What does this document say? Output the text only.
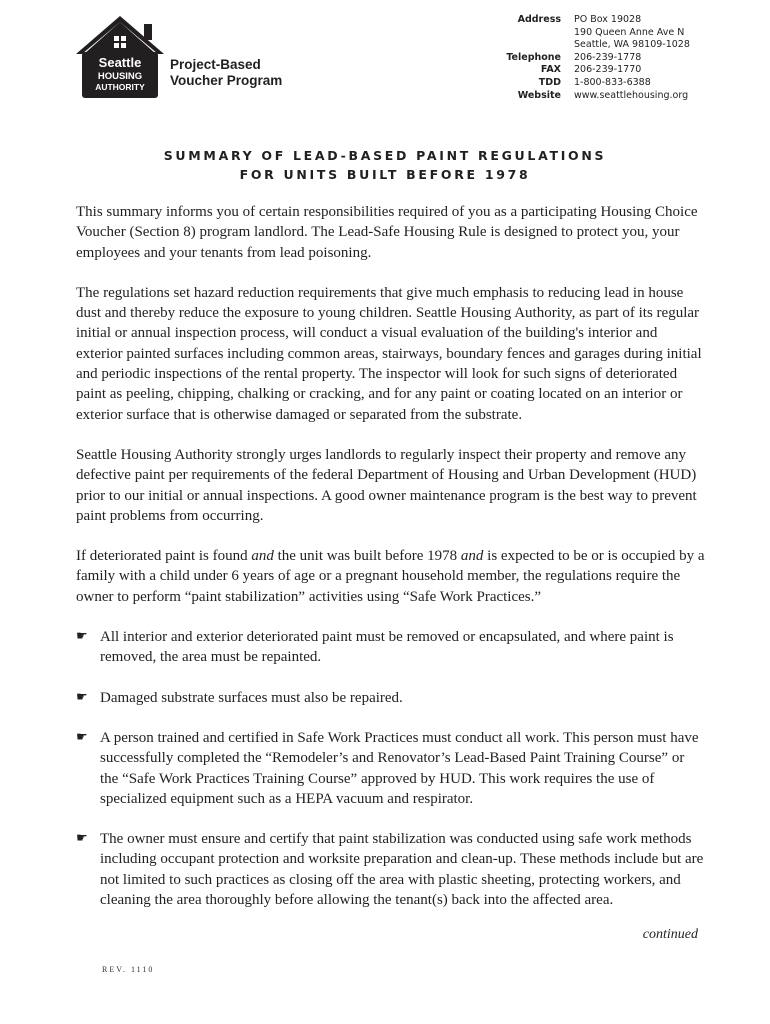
Seattle
HOUSING
AUTHORITY
Project-Based
Voucher Program
Address	PO Box 19028
190 Queen Anne Ave N
Seattle, WA 98109-1028
Telephone	206-239-1778
FAX	206-239-1770
TDD	1-800-833-6388
Website	www.seattlehousing.org
SUMMARY OF LEAD-BASED PAINT REGULATIONS
FOR UNITS BUILT BEFORE 1978

This summary informs you of certain responsibilities required of you as a participating Housing Choice Voucher (Section 8) program landlord. The Lead-Safe Housing Rule is designed to protect you, your employees and your tenants from lead poisoning.

The regulations set hazard reduction requirements that give much emphasis to reducing lead in house dust and thereby reduce the exposure to young children. Seattle Housing Authority, as part of its regular initial or annual inspection process, will conduct a visual evaluation of the building's interior and exterior painted surfaces including common areas, stairways, boundary fences and garages during initial and periodic inspections of the rental property. The inspector will look for such signs of deteriorated paint as peeling, chipping, chalking or cracking, and for any paint or coating located on an interior or exterior surface that is otherwise damaged or separated from the substrate.

Seattle Housing Authority strongly urges landlords to regularly inspect their property and remove any defective paint per requirements of the federal Department of Housing and Urban Development (HUD) prior to our initial or annual inspections. A good owner maintenance program is the best way to prevent paint problems from occurring.

If deteriorated paint is found and the unit was built before 1978 and is expected to be or is occupied by a family with a child under 6 years of age or a pregnant household member, the regulations require the owner to perform “paint stabilization” activities using “Safe Work Practices.”

☛ All interior and exterior deteriorated paint must be removed or encapsulated, and where paint is removed, the area must be repainted.
☛ Damaged substrate surfaces must also be repaired.
☛ A person trained and certified in Safe Work Practices must conduct all work. This person must have successfully completed the “Remodeler’s and Renovator’s Lead-Based Paint Training Course” or the “Safe Work Practices Training Course” approved by HUD. This work requires the use of specialized equipment such as a HEPA vacuum and respirator.
☛ The owner must ensure and certify that paint stabilization was conducted using safe work methods including occupant protection and worksite preparation and clean-up. These methods include but are not limited to such practices as closing off the area with plastic sheeting, protecting workers, and cleaning the area thoroughly before allowing the tenant(s) back into the affected area.
continued
REV. 1110
